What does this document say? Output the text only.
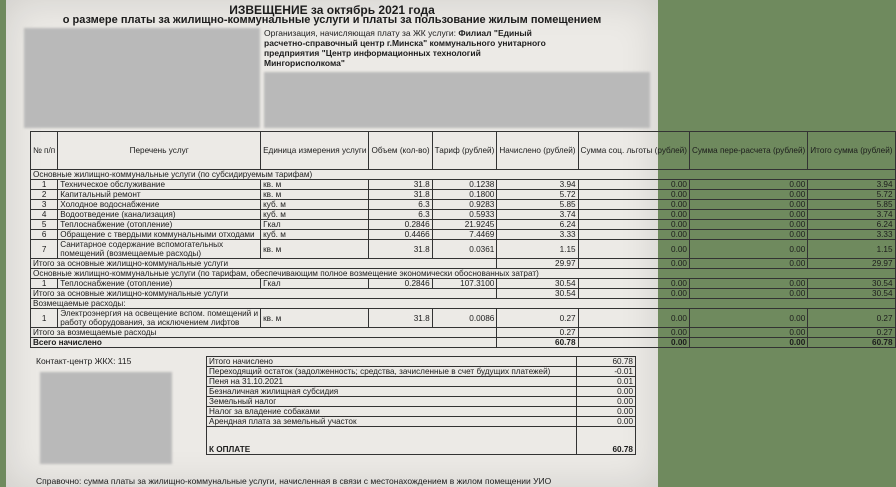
ИЗВЕЩЕНИЕ за октябрь 2021 года
о размере платы за жилищно-коммунальные услуги и платы за пользование жилым помещением
Организация, начисляющая плату за ЖК услуги: Филиал "Единый
расчетно-справочный центр г.Минска" коммунального унитарного
предприятия "Центр информационных технологий
Мингорисполкома"
№ п/п	Перечень услуг	Единица измерения услуги	Объем (кол-во)	Тариф (рублей)	Начислено (рублей)	Сумма соц. льготы (рублей)	Сумма пере-расчета (рублей)	Итого сумма (рублей)
Основные жилищно-коммунальные услуги (по субсидируемым тарифам)								
1	Техническое обслуживание	кв. м	31.8	0.1238	3.94	0.00	0.00	3.94
2	Капитальный ремонт	кв. м	31.8	0.1800	5.72	0.00	0.00	5.72
3	Холодное водоснабжение	куб. м	6.3	0.9283	5.85	0.00	0.00	5.85
4	Водоотведение (канализация)	куб. м	6.3	0.5933	3.74	0.00	0.00	3.74
5	Теплоснабжение (отопление)	Гкал	0.2846	21.9245	6.24	0.00	0.00	6.24
6	Обращение с твердыми коммунальными отходами	куб. м	0.4466	7.4469	3.33	0.00	0.00	3.33
7	Санитарное содержание вспомогательных
помещений (возмещаемые расходы)	кв. м	31.8	0.0361	1.15	0.00	0.00	1.15
Итого за основные жилищно-коммунальные услуги					29.97	0.00	0.00	29.97
Основные жилищно-коммунальные услуги (по тарифам, обеспечивающим полное возмещение экономически обоснованных затрат)								
1	Теплоснабжение (отопление)	Гкал	0.2846	107.3100	30.54	0.00	0.00	30.54
Итого за основные жилищно-коммунальные услуги					30.54	0.00	0.00	30.54
Возмещаемые расходы:								
1	Электроэнергия на освещение вспом. помещений и
работу оборудования, за исключением лифтов	кв. м	31.8	0.0086	0.27	0.00	0.00	0.27
Итого за возмещаемые расходы					0.27	0.00	0.00	0.27
Всего начислено					60.78	0.00	0.00	60.78
Контакт-центр ЖКХ: 115	Итого начислено	60.78
Переходящий остаток (задолженность; средства, зачисленные в счет будущих платежей)	-0.01
Пеня на 31.10.2021	0.01
Безналичная жилищная субсидия	0.00
Земельный налог	0.00
Налог за владение собаками	0.00
Арендная плата за земельный участок	0.00
К ОПЛАТЕ	60.78
Справочно: сумма платы за жилищно-коммунальные услуги, начисленная в связи с местонахождением в жилом помещении УИО
